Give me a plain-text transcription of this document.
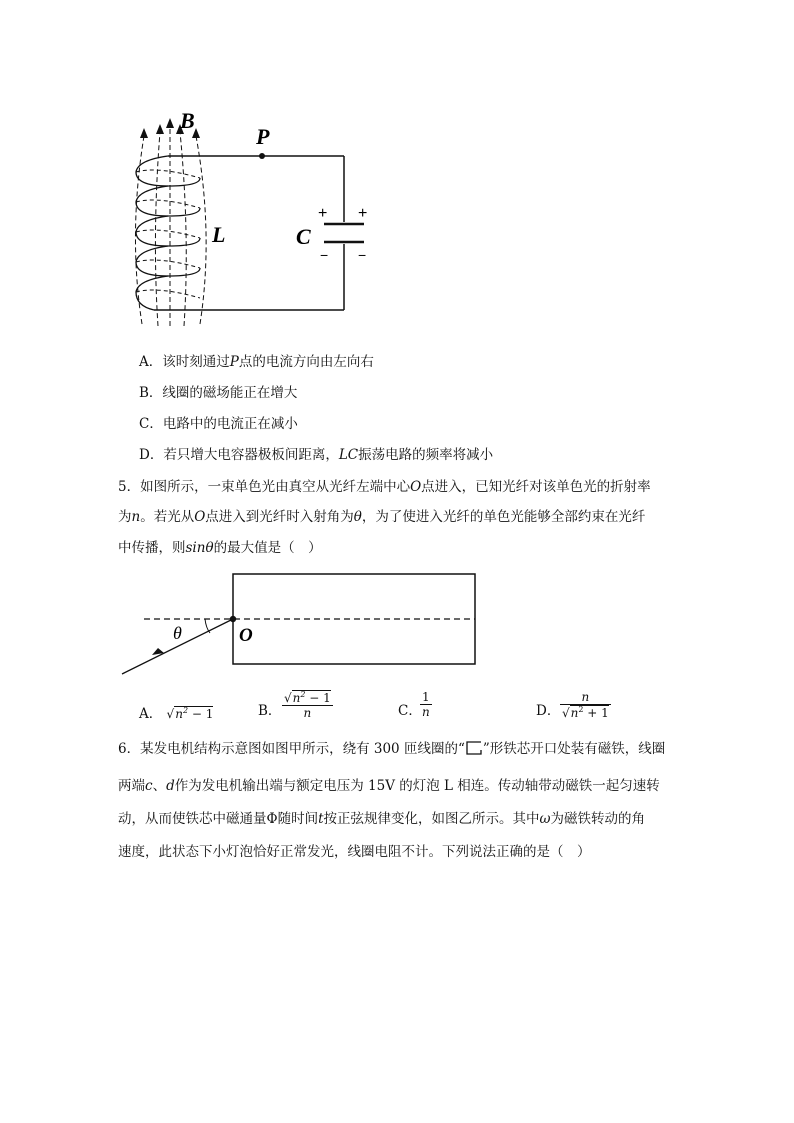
B
P
L	C
+ +
− −
A．该时刻通过P点的电流方向由左向右
B．线圈的磁场能正在增大
C．电路中的电流正在减小
D．若只增大电容器极板间距离，LC振荡电路的频率将减小
5．如图所示，一束单色光由真空从光纤左端中心O点进入，已知光纤对该单色光的折射率
为n。若光从O点进入到光纤时入射角为θ，为了使进入光纤的单色光能够全部约束在光纤
中传播，则sinθ的最大值是（　）
θ	O
A． $√n^2 - 1$	B． $\frac{√n^2 - 1}{n}$	C．
$\frac{1}{n}$	D． $\frac{n}{√n^2 + 1}$
6．某发电机结构示意图如图甲所示，绕有 300 匝线圈的“ ”形铁芯开口处装有磁铁，线圈
两端c、d作为发电机输出端与额定电压为 15V 的灯泡 L 相连。传动轴带动磁铁一起匀速转
动，从而使铁芯中磁通量Φ随时间t按正弦规律变化，如图乙所示。其中ω为磁铁转动的角
速度，此状态下小灯泡恰好正常发光，线圈电阻不计。下列说法正确的是（　）
